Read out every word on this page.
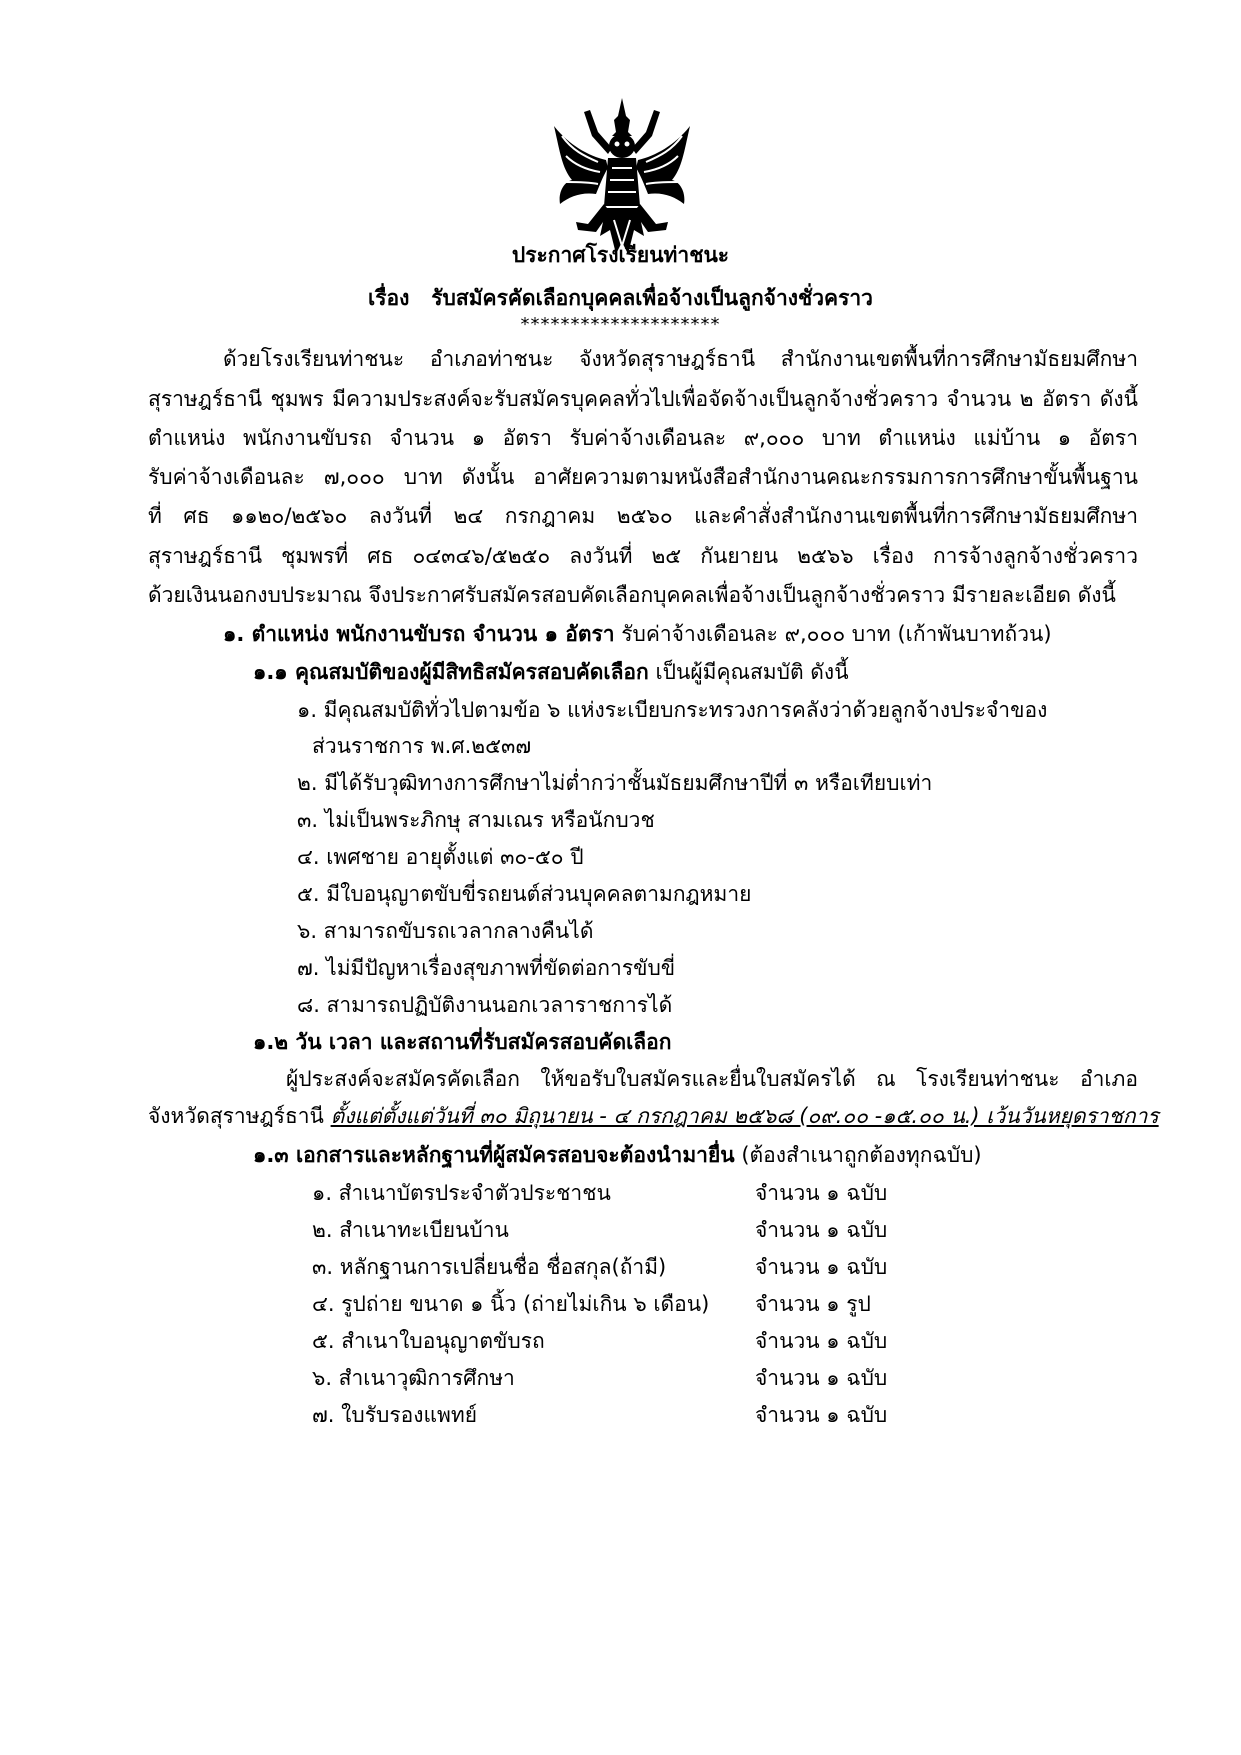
ประกาศโรงเรียนท่าชนะ
เรื่อง รับสมัครคัดเลือกบุคคลเพื่อจ้างเป็นลูกจ้างชั่วคราว
********************
ด้วยโรงเรียนท่าชนะ อำเภอท่าชนะ จังหวัดสุราษฎร์ธานี สำนักงานเขตพื้นที่การศึกษามัธยมศึกษา
สุราษฎร์ธานี ชุมพร มีความประสงค์จะรับสมัครบุคคลทั่วไปเพื่อจัดจ้างเป็นลูกจ้างชั่วคราว จำนวน ๒ อัตรา ดังนี้
ตำแหน่ง พนักงานขับรถ จำนวน ๑ อัตรา รับค่าจ้างเดือนละ ๙,๐๐๐ บาท ตำแหน่ง แม่บ้าน ๑ อัตรา
รับค่าจ้างเดือนละ ๗,๐๐๐ บาท ดังนั้น อาศัยความตามหนังสือสำนักงานคณะกรรมการการศึกษาขั้นพื้นฐาน
ที่ ศธ ๑๑๒๐/๒๕๖๐ ลงวันที่ ๒๔ กรกฎาคม ๒๕๖๐ และคำสั่งสำนักงานเขตพื้นที่การศึกษามัธยมศึกษา
สุราษฎร์ธานี ชุมพรที่ ศธ ๐๔๓๔๖/๕๒๕๐ ลงวันที่ ๒๕ กันยายน ๒๕๖๖ เรื่อง การจ้างลูกจ้างชั่วคราว
ด้วยเงินนอกงบประมาณ จึงประกาศรับสมัครสอบคัดเลือกบุคคลเพื่อจ้างเป็นลูกจ้างชั่วคราว มีรายละเอียด ดังนี้
๑. ตำแหน่ง พนักงานขับรถ จำนวน ๑ อัตรา รับค่าจ้างเดือนละ ๙,๐๐๐ บาท (เก้าพันบาทถ้วน)
๑.๑ คุณสมบัติของผู้มีสิทธิสมัครสอบคัดเลือก เป็นผู้มีคุณสมบัติ ดังนี้
๑. มีคุณสมบัติทั่วไปตามข้อ ๖ แห่งระเบียบกระทรวงการคลังว่าด้วยลูกจ้างประจำของ
ส่วนราชการ พ.ศ.๒๕๓๗
๒. มีได้รับวุฒิทางการศึกษาไม่ต่ำกว่าชั้นมัธยมศึกษาปีที่ ๓ หรือเทียบเท่า
๓. ไม่เป็นพระภิกษุ สามเณร หรือนักบวช
๔. เพศชาย อายุตั้งแต่ ๓๐-๕๐ ปี
๕. มีใบอนุญาตขับขี่รถยนต์ส่วนบุคคลตามกฎหมาย
๖. สามารถขับรถเวลากลางคืนได้
๗. ไม่มีปัญหาเรื่องสุขภาพที่ขัดต่อการขับขี่
๘. สามารถปฏิบัติงานนอกเวลาราชการได้
๑.๒ วัน เวลา และสถานที่รับสมัครสอบคัดเลือก
ผู้ประสงค์จะสมัครคัดเลือก ให้ขอรับใบสมัครและยื่นใบสมัครได้ ณ โรงเรียนท่าชนะ อำเภอ
จังหวัดสุราษฎร์ธานี ตั้งแต่ตั้งแต่วันที่ ๓๐ มิถุนายน - ๔ กรกฎาคม ๒๕๖๘ (๐๙.๐๐ -๑๕.๐๐ น.) เว้นวันหยุดราชการ
๑.๓ เอกสารและหลักฐานที่ผู้สมัครสอบจะต้องนำมายื่น (ต้องสำเนาถูกต้องทุกฉบับ)
๑. สำเนาบัตรประจำตัวประชาชน	จำนวน ๑ ฉบับ
๒. สำเนาทะเบียนบ้าน	จำนวน ๑ ฉบับ
๓. หลักฐานการเปลี่ยนชื่อ ชื่อสกุล(ถ้ามี)	จำนวน ๑ ฉบับ
๔. รูปถ่าย ขนาด ๑ นิ้ว (ถ่ายไม่เกิน ๖ เดือน) จำนวน ๑ รูป
๕. สำเนาใบอนุญาตขับรถ	จำนวน ๑ ฉบับ
๖. สำเนาวุฒิการศึกษา	จำนวน ๑ ฉบับ
๗. ใบรับรองแพทย์	จำนวน ๑ ฉบับ
